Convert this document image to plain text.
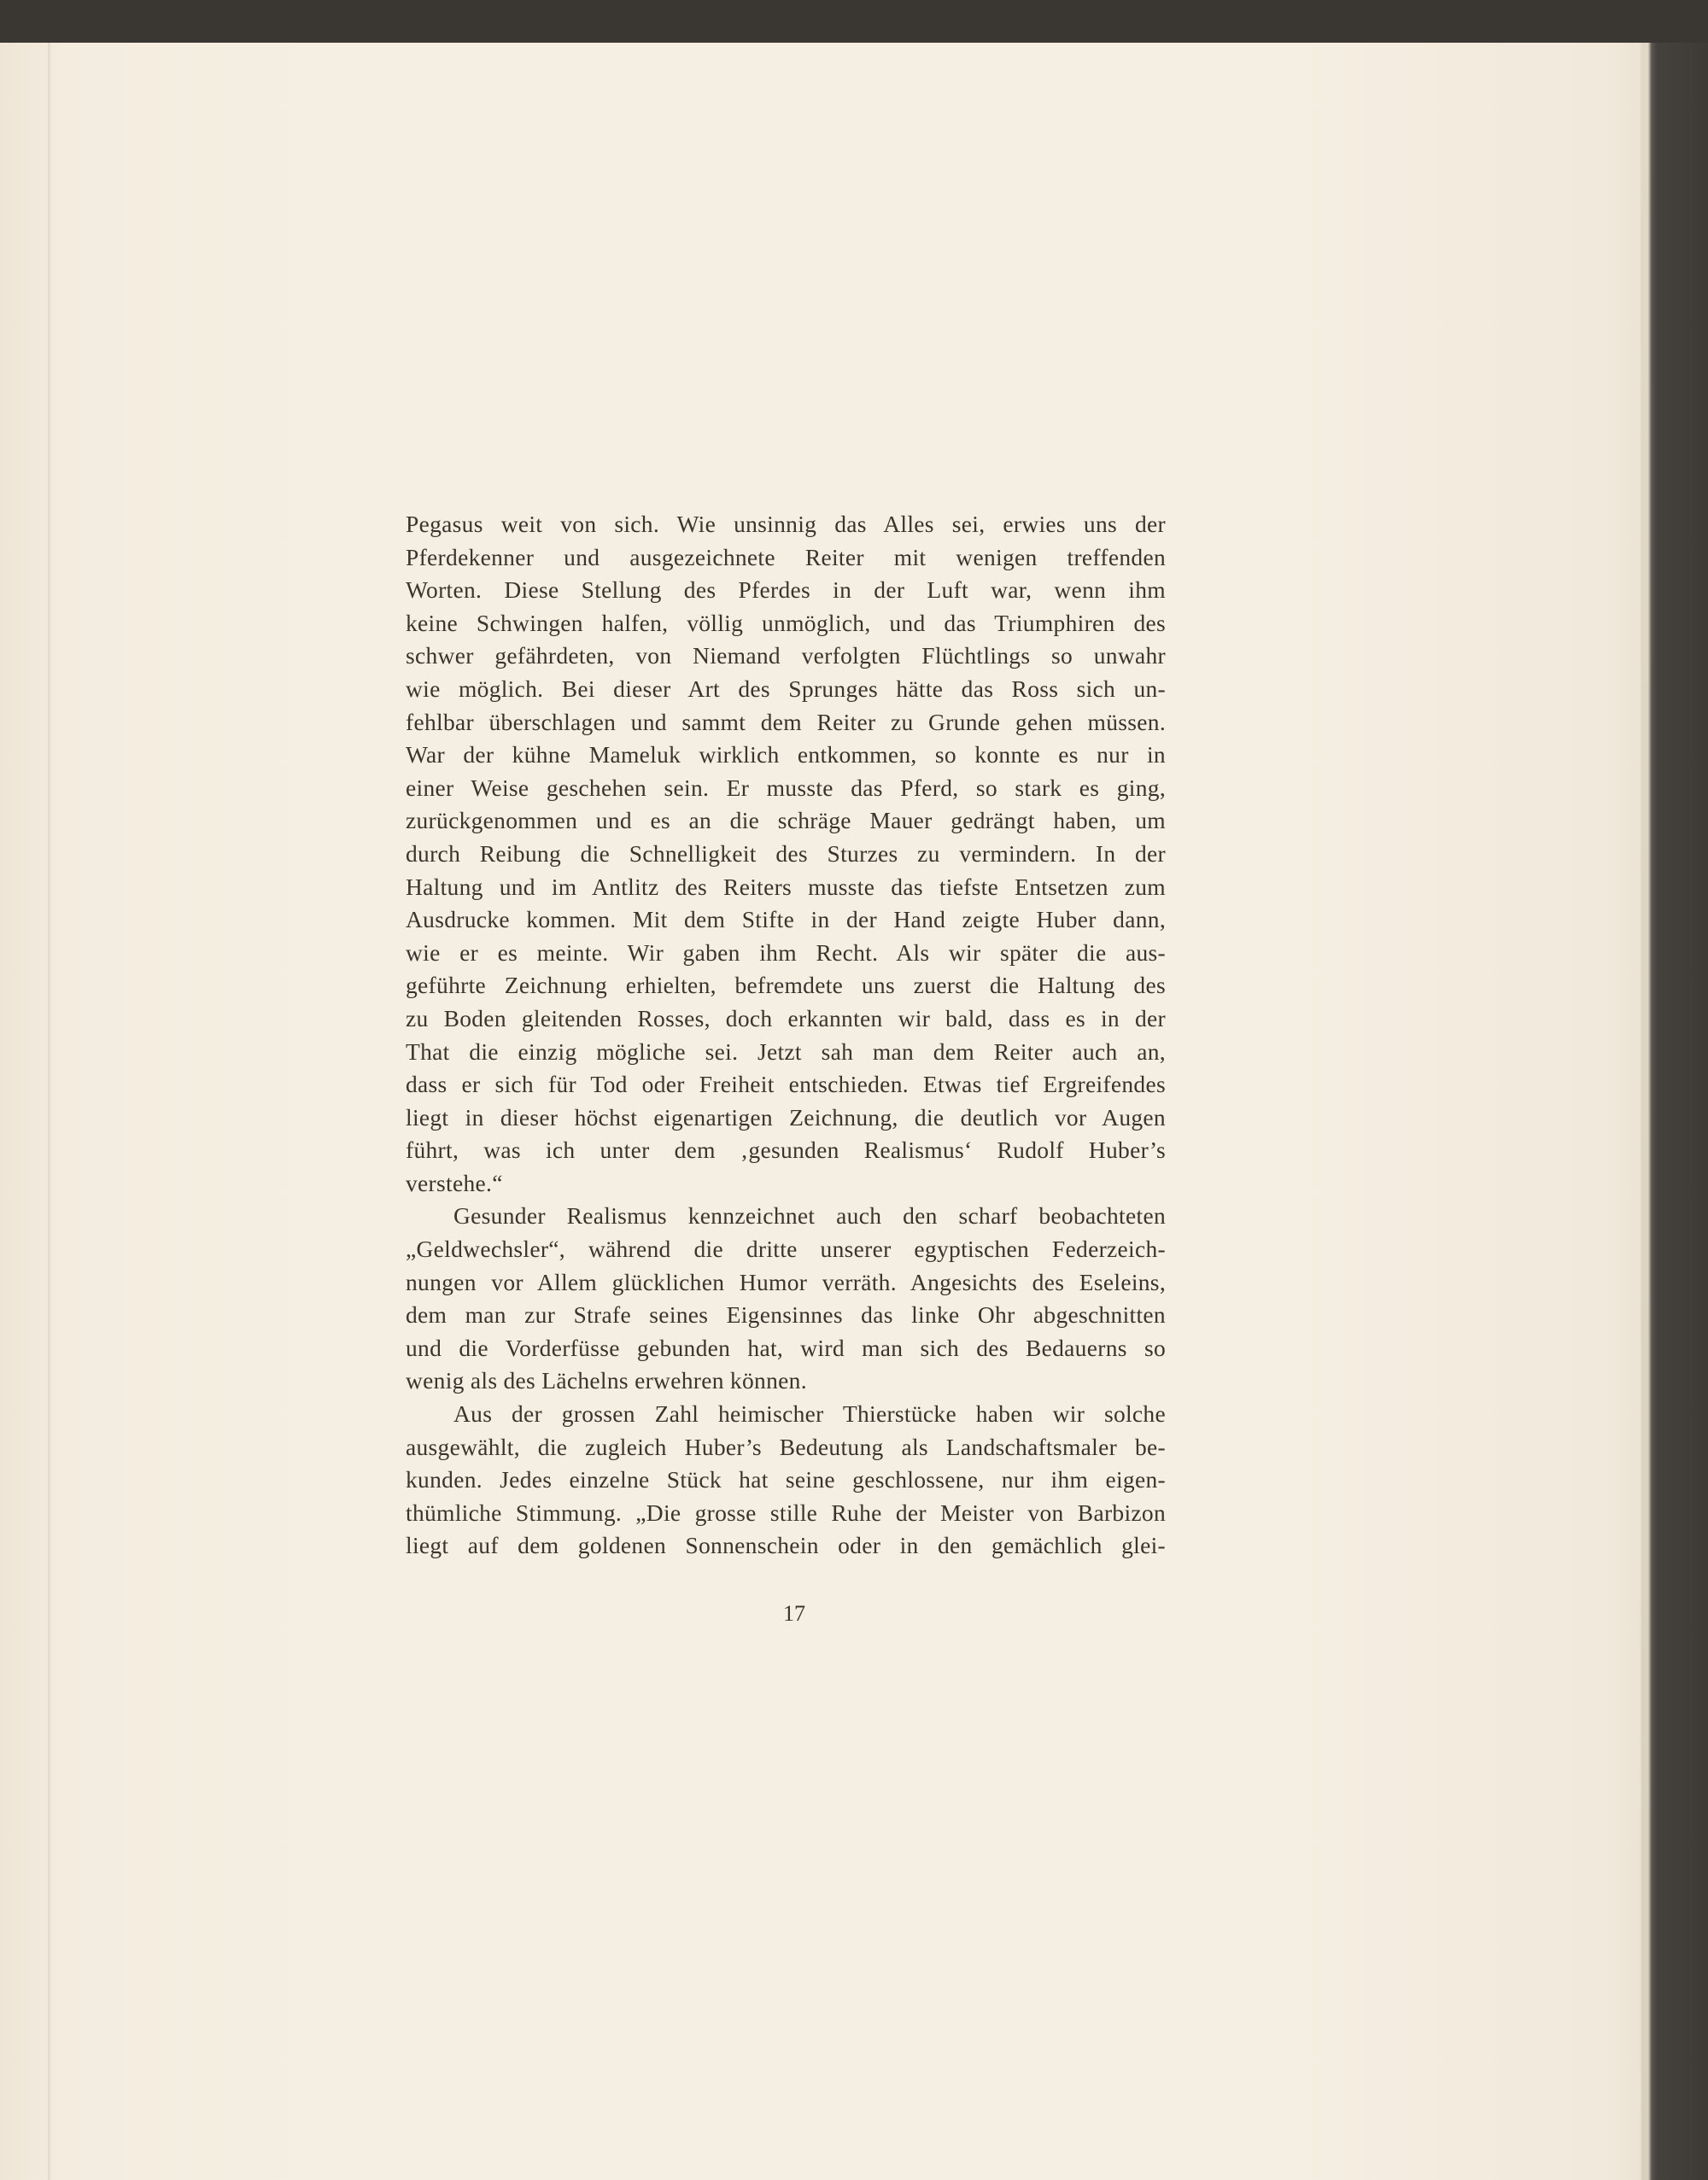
Pegasus weit von sich. Wie unsinnig das Alles sei, erwies uns der
Pferdekenner und ausgezeichnete Reiter mit wenigen treffenden
Worten. Diese Stellung des Pferdes in der Luft war, wenn ihm
keine Schwingen halfen, völlig unmöglich, und das Triumphiren des
schwer gefährdeten, von Niemand verfolgten Flüchtlings so unwahr
wie möglich. Bei dieser Art des Sprunges hätte das Ross sich un-
fehlbar überschlagen und sammt dem Reiter zu Grunde gehen müssen.
War der kühne Mameluk wirklich entkommen, so konnte es nur in
einer Weise geschehen sein. Er musste das Pferd, so stark es ging,
zurückgenommen und es an die schräge Mauer gedrängt haben, um
durch Reibung die Schnelligkeit des Sturzes zu vermindern. In der
Haltung und im Antlitz des Reiters musste das tiefste Entsetzen zum
Ausdrucke kommen. Mit dem Stifte in der Hand zeigte Huber dann,
wie er es meinte. Wir gaben ihm Recht. Als wir später die aus-
geführte Zeichnung erhielten, befremdete uns zuerst die Haltung des
zu Boden gleitenden Rosses, doch erkannten wir bald, dass es in der
That die einzig mögliche sei. Jetzt sah man dem Reiter auch an,
dass er sich für Tod oder Freiheit entschieden. Etwas tief Ergreifendes
liegt in dieser höchst eigenartigen Zeichnung, die deutlich vor Augen
führt, was ich unter dem ‚gesunden Realismus‘ Rudolf Huber’s
verstehe.“
Gesunder Realismus kennzeichnet auch den scharf beobachteten
„Geldwechsler“, während die dritte unserer egyptischen Federzeich-
nungen vor Allem glücklichen Humor verräth. Angesichts des Eseleins,
dem man zur Strafe seines Eigensinnes das linke Ohr abgeschnitten
und die Vorderfüsse gebunden hat, wird man sich des Bedauerns so
wenig als des Lächelns erwehren können.
Aus der grossen Zahl heimischer Thierstücke haben wir solche
ausgewählt, die zugleich Huber’s Bedeutung als Landschaftsmaler be-
kunden. Jedes einzelne Stück hat seine geschlossene, nur ihm eigen-
thümliche Stimmung. „Die grosse stille Ruhe der Meister von Barbizon
liegt auf dem goldenen Sonnenschein oder in den gemächlich glei-
17
